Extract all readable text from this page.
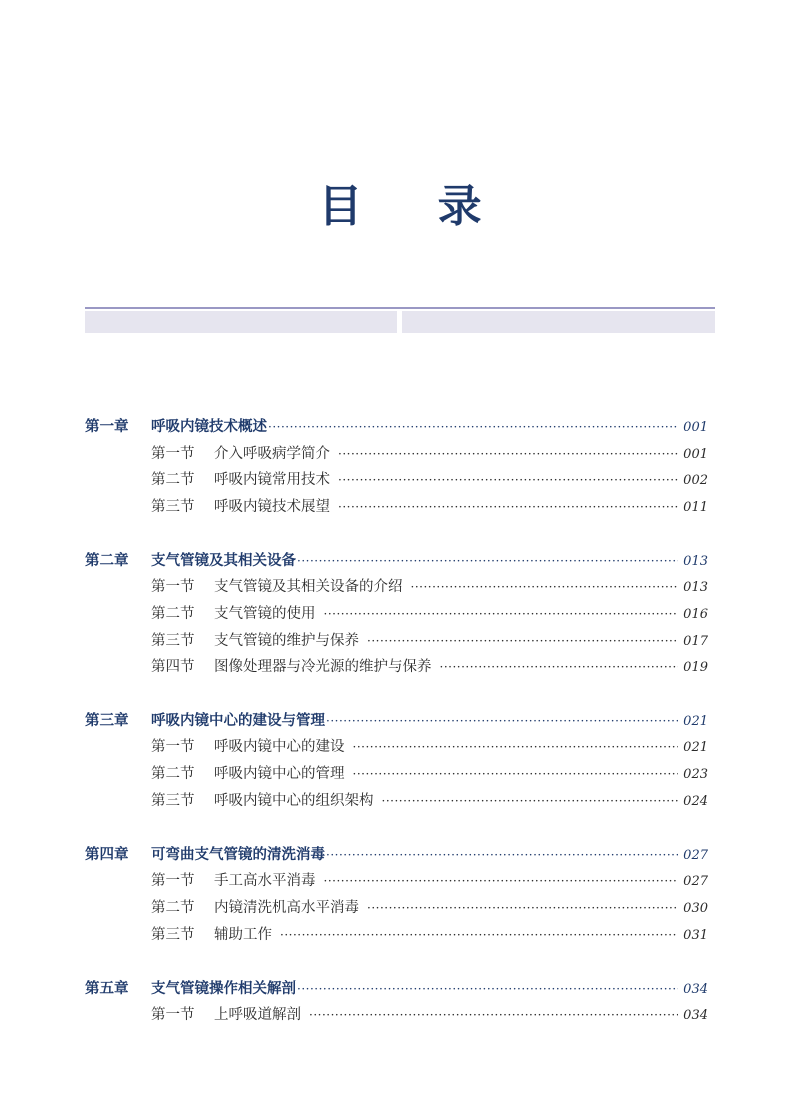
目 录
第一章	呼吸内镜技术概述 ·····	001
第一节	介入呼吸病学简介 ·····	001
第二节	呼吸内镜常用技术 ·····	002
第三节	呼吸内镜技术展望 ·····	011
第二章	支气管镜及其相关设备 ·····	013
第一节	支气管镜及其相关设备的介绍 ·····	013
第二节	支气管镜的使用 ·····	016
第三节	支气管镜的维护与保养 ·····	017
第四节	图像处理器与冷光源的维护与保养 ·····	019
第三章	呼吸内镜中心的建设与管理 ·····	021
第一节	呼吸内镜中心的建设 ·····	021
第二节	呼吸内镜中心的管理 ·····	023
第三节	呼吸内镜中心的组织架构 ·····	024
第四章	可弯曲支气管镜的清洗消毒 ·····	027
第一节	手工高水平消毒 ·····	027
第二节	内镜清洗机高水平消毒 ·····	030
第三节	辅助工作 ·····	031
第五章	支气管镜操作相关解剖 ·····	034
第一节	上呼吸道解剖 ·····	034
